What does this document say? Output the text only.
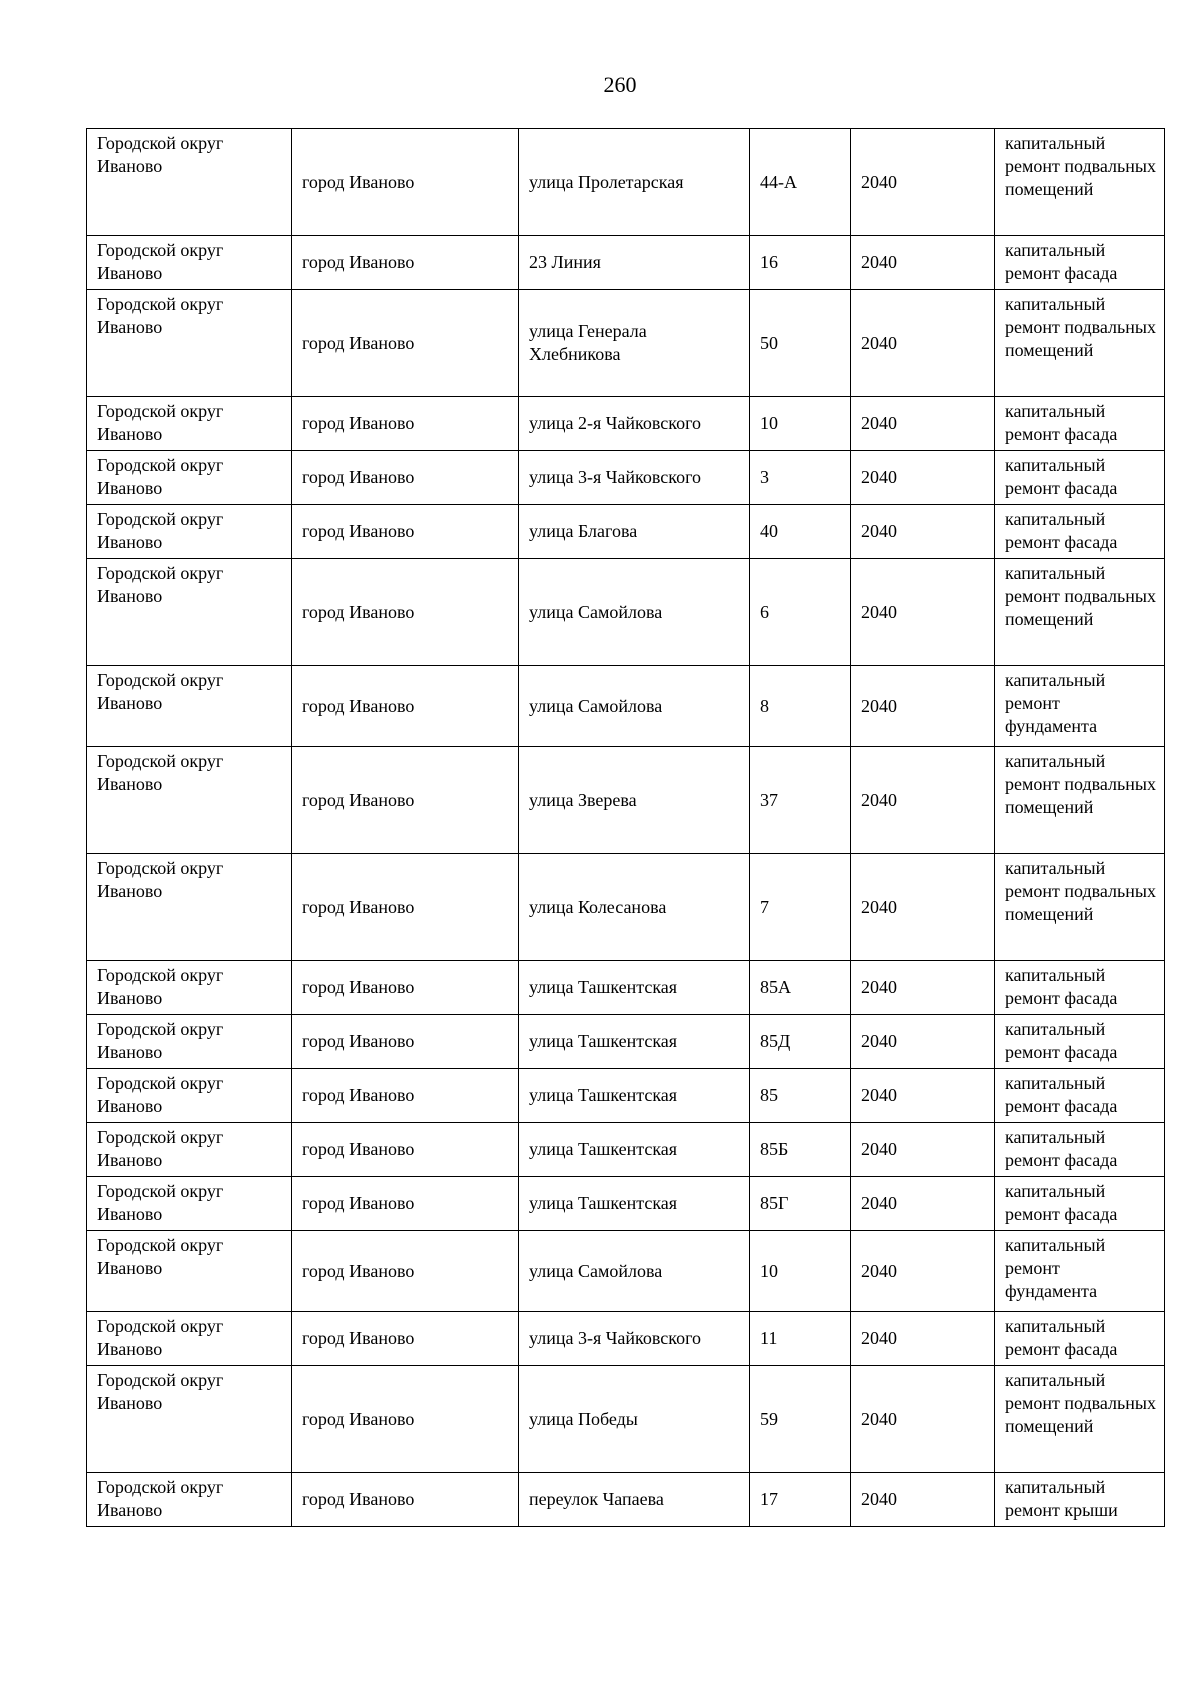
260
Городской округ Иваново	город Иваново	улица Пролетарская	44-А	2040	капитальный ремонт подвальных помещений
Городской округ Иваново	город Иваново	23 Линия	16	2040	капитальный ремонт фасада
Городской округ Иваново	город Иваново	улица Генерала Хлебникова	50	2040	капитальный ремонт подвальных помещений
Городской округ Иваново	город Иваново	улица 2-я Чайковского	10	2040	капитальный ремонт фасада
Городской округ Иваново	город Иваново	улица 3-я Чайковского	3	2040	капитальный ремонт фасада
Городской округ Иваново	город Иваново	улица Благова	40	2040	капитальный ремонт фасада
Городской округ Иваново	город Иваново	улица Самойлова	6	2040	капитальный ремонт подвальных помещений
Городской округ Иваново	город Иваново	улица Самойлова	8	2040	капитальный ремонт фундамента
Городской округ Иваново	город Иваново	улица Зверева	37	2040	капитальный ремонт подвальных помещений
Городской округ Иваново	город Иваново	улица Колесанова	7	2040	капитальный ремонт подвальных помещений
Городской округ Иваново	город Иваново	улица Ташкентская	85А	2040	капитальный ремонт фасада
Городской округ Иваново	город Иваново	улица Ташкентская	85Д	2040	капитальный ремонт фасада
Городской округ Иваново	город Иваново	улица Ташкентская	85	2040	капитальный ремонт фасада
Городской округ Иваново	город Иваново	улица Ташкентская	85Б	2040	капитальный ремонт фасада
Городской округ Иваново	город Иваново	улица Ташкентская	85Г	2040	капитальный ремонт фасада
Городской округ Иваново	город Иваново	улица Самойлова	10	2040	капитальный ремонт фундамента
Городской округ Иваново	город Иваново	улица 3-я Чайковского	11	2040	капитальный ремонт фасада
Городской округ Иваново	город Иваново	улица Победы	59	2040	капитальный ремонт подвальных помещений
Городской округ Иваново	город Иваново	переулок Чапаева	17	2040	капитальный ремонт крыши
